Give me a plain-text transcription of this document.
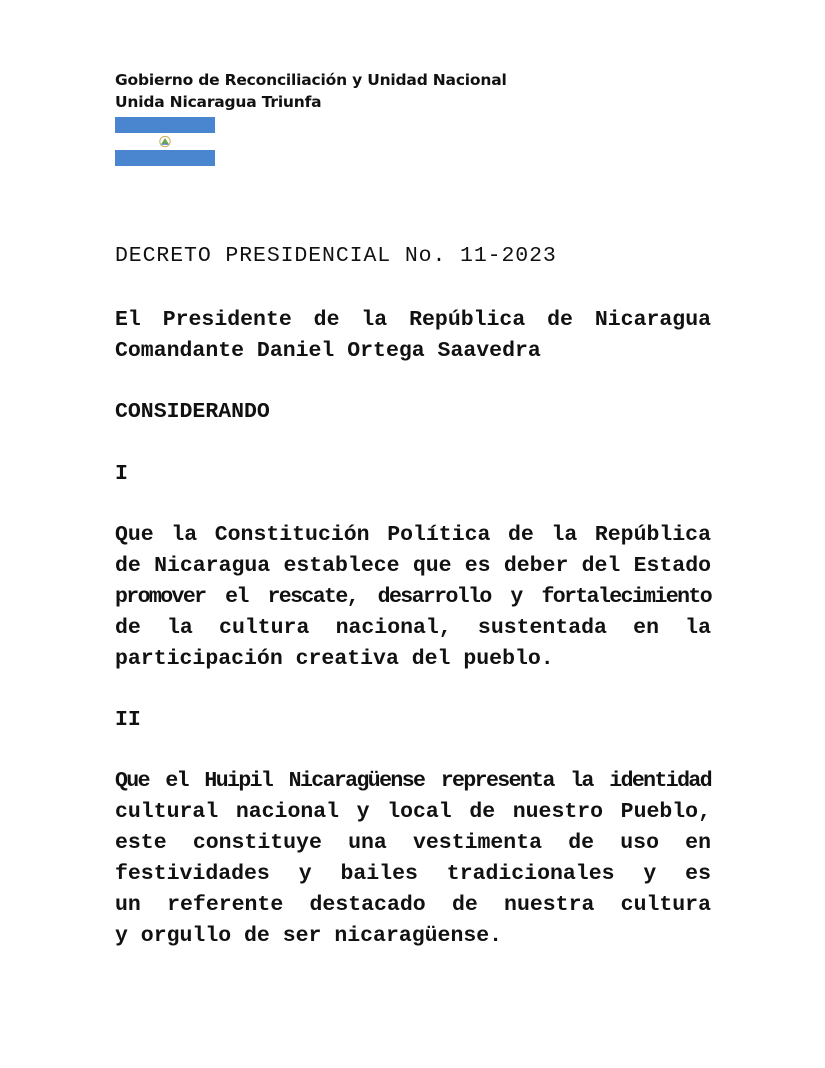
Gobierno de Reconciliación y Unidad Nacional
Unida Nicaragua Triunfa

DECRETO PRESIDENCIAL No. 11-2023

El Presidente de la República de Nicaragua
Comandante Daniel Ortega Saavedra

CONSIDERANDO

I

Que la Constitución Política de la República
de Nicaragua establece que es deber del Estado
promover el rescate, desarrollo y fortalecimiento
de la cultura nacional, sustentada en la
participación creativa del pueblo.

II

Que el Huipil Nicaragüense representa la identidad
cultural nacional y local de nuestro Pueblo,
este constituye una vestimenta de uso en
festividades y bailes tradicionales y es
un referente destacado de nuestra cultura
y orgullo de ser nicaragüense.
